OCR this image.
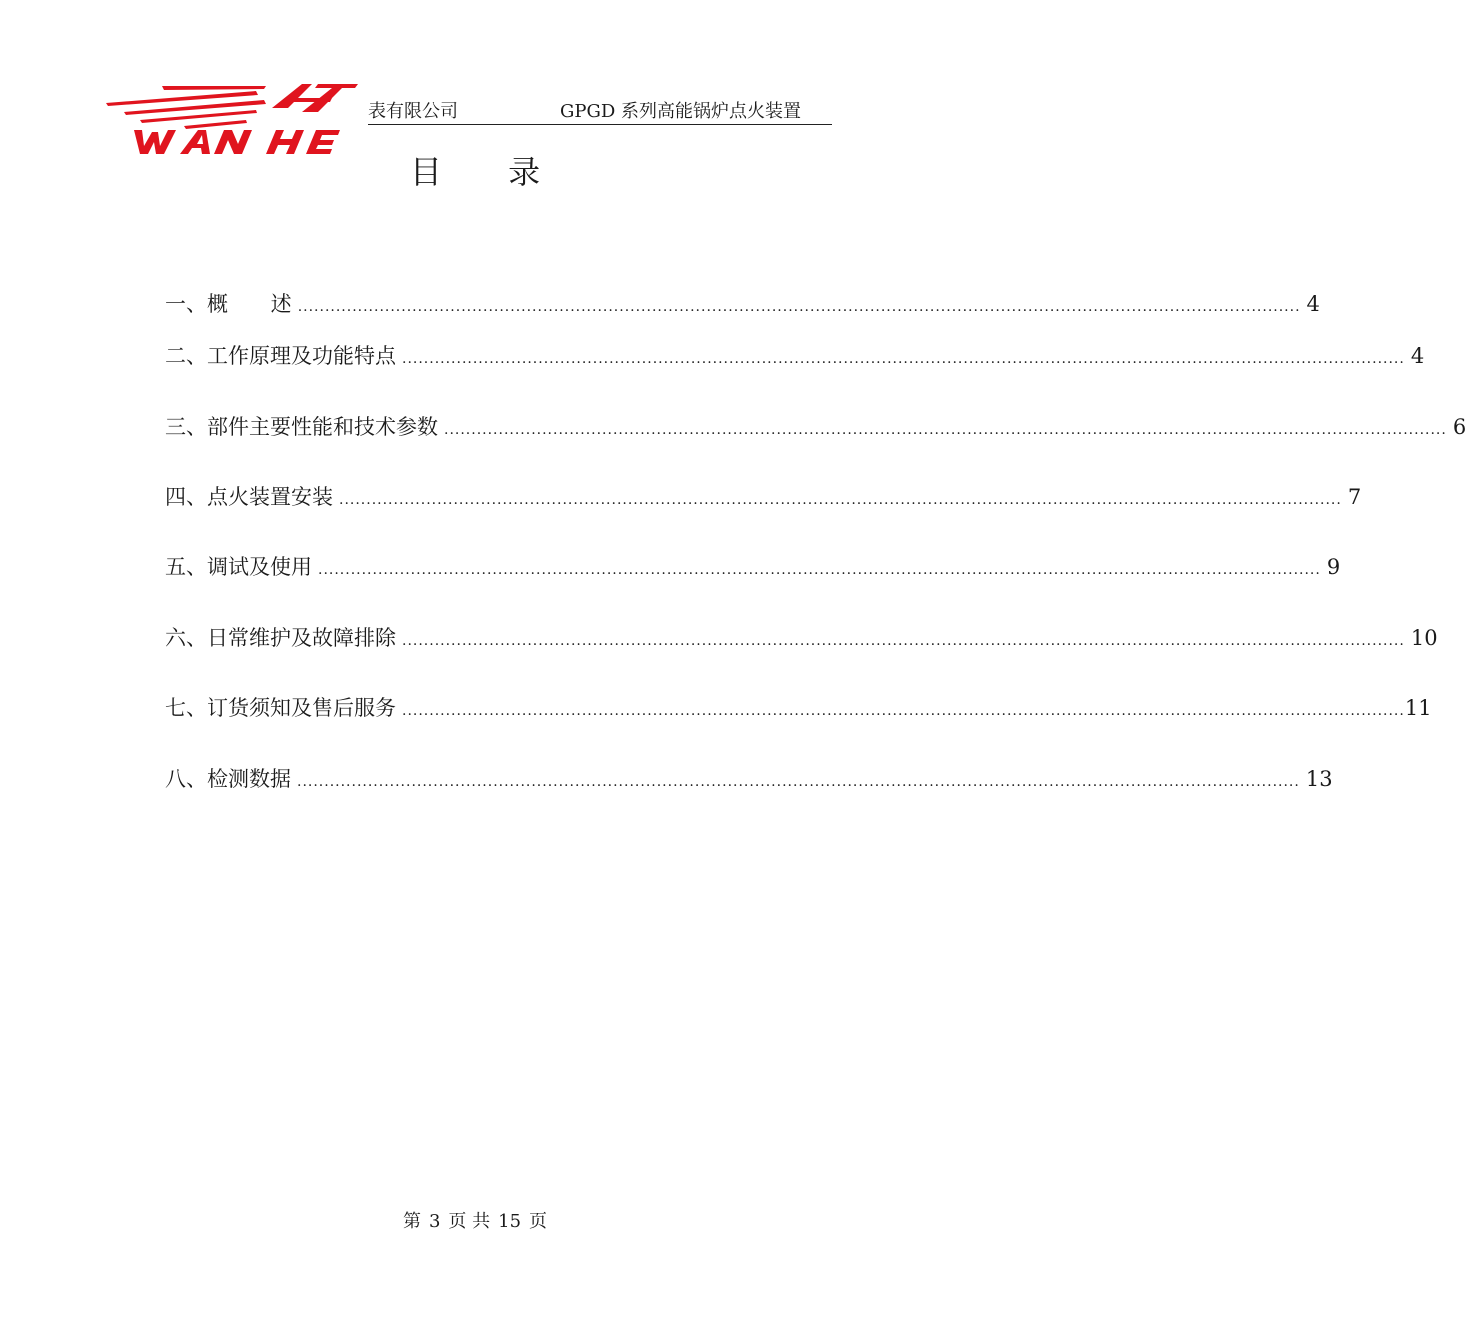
表有限公司	GPGD 系列高能锅炉点火装置
目 录
一、概 述 ........................................................................................................................................................................................ 4
二、工作原理及功能特点 ........................................................................................................................................................................................ 4
三、部件主要性能和技术参数 ........................................................................................................................................................................................ 6
四、点火装置安装 ........................................................................................................................................................................................ 7
五、调试及使用 ........................................................................................................................................................................................ 9
六、日常维护及故障排除 ........................................................................................................................................................................................ 10
七、订货须知及售后服务 ........................................................................................................................................................................................ 11
八、检测数据 ........................................................................................................................................................................................ 13
第 3 页 共 15 页
